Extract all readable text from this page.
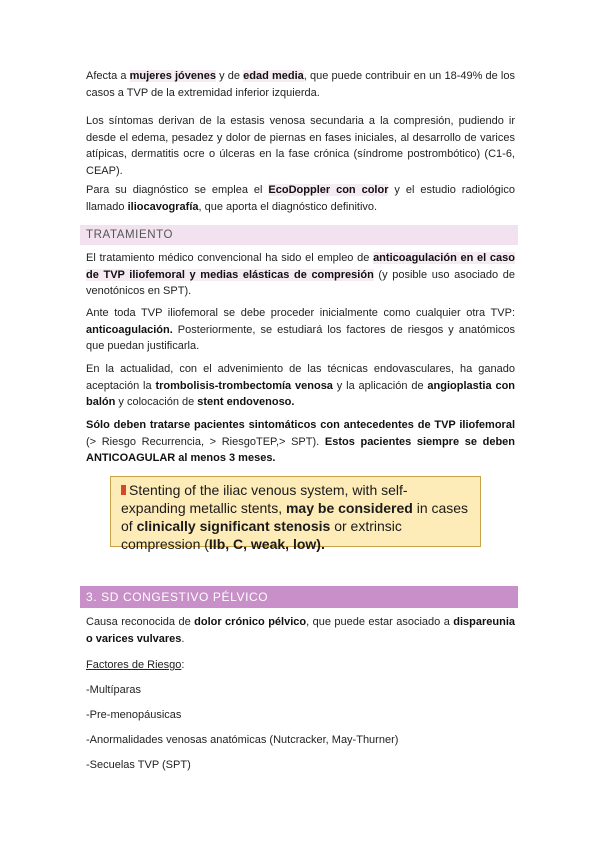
Afecta a mujeres jóvenes y de edad media, que puede contribuir en un 18-49% de los casos a TVP de la extremidad inferior izquierda.

Los síntomas derivan de la estasis venosa secundaria a la compresión, pudiendo ir desde el edema, pesadez y dolor de piernas en fases iniciales, al desarrollo de varices atípicas, dermatitis ocre o úlceras en la fase crónica (síndrome postrombótico) (C1-6, CEAP).

Para su diagnóstico se emplea el EcoDoppler con color y el estudio radiológico llamado iliocavografía, que aporta el diagnóstico definitivo.

TRATAMIENTO

El tratamiento médico convencional ha sido el empleo de anticoagulación en el caso de TVP iliofemoral y medias elásticas de compresión (y posible uso asociado de venotónicos en SPT).

Ante toda TVP iliofemoral se debe proceder inicialmente como cualquier otra TVP: anticoagulación. Posteriormente, se estudiará los factores de riesgos y anatómicos que puedan justificarla.

En la actualidad, con el advenimiento de las técnicas endovasculares, ha ganado aceptación la trombolisis-trombectomía venosa y la aplicación de angioplastia con balón y colocación de stent endovenoso.

Sólo deben tratarse pacientes sintomáticos con antecedentes de TVP iliofemoral (> Riesgo Recurrencia, > RiesgoTEP,> SPT). Estos pacientes siempre se deben ANTICOAGULAR al menos 3 meses.

Stenting of the iliac venous system, with self-expanding metallic stents, may be considered in cases of clinically significant stenosis or extrinsic compression (IIb, C, weak, low).
3. SD CONGESTIVO PÉLVICO

Causa reconocida de dolor crónico pélvico, que puede estar asociado a dispareunia o varices vulvares.

Factores de Riesgo:
-Multíparas
-Pre-menopáusicas
-Anormalidades venosas anatómicas (Nutcracker, May-Thurner)
-Secuelas TVP (SPT)
